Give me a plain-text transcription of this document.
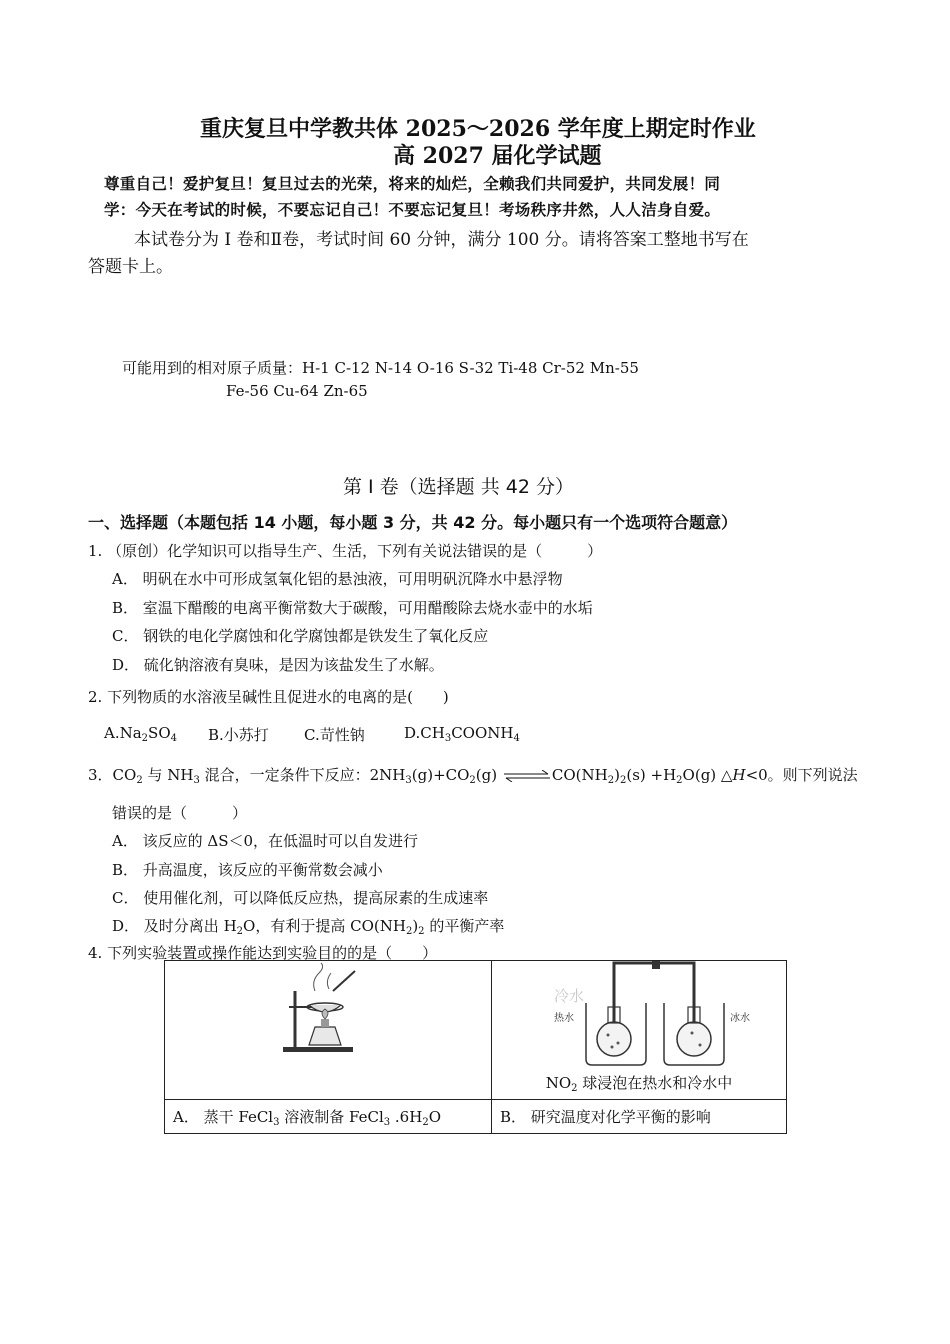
重庆复旦中学教共体 2025～2026 学年度上期定时作业
高 2027 届化学试题
尊重自己！爱护复旦！复旦过去的光荣，将来的灿烂，全赖我们共同爱护，共同发展！同
学：今天在考试的时候，不要忘记自己！不要忘记复旦！考场秩序井然，人人洁身自爱。
本试卷分为 Ⅰ 卷和Ⅱ卷，考试时间 60 分钟，满分 100 分。请将答案工整地书写在
答题卡上。
可能用到的相对原子质量：H-1 C-12 N-14 O-16 S-32 Ti-48 Cr-52 Mn-55
Fe-56 Cu-64 Zn-65
第 I 卷（选择题 共 42 分）
一、选择题（本题包括 14 小题，每小题 3 分，共 42 分。每小题只有一个选项符合题意）
1. （原创）化学知识可以指导生产、生活，下列有关说法错误的是（　　　）
A． 明矾在水中可形成氢氧化铝的悬浊液，可用明矾沉降水中悬浮物
B． 室温下醋酸的电离平衡常数大于碳酸，可用醋酸除去烧水壶中的水垢
C． 钢铁的电化学腐蚀和化学腐蚀都是铁发生了氧化反应
D． 硫化钠溶液有臭味，是因为该盐发生了水解。
2. 下列物质的水溶液呈碱性且促进水的电离的是(　　)
$A.Na_2SO_4$ B.小苏打 C.苛性钠	$D.CH_3COONH_4$
3．$CO_2$ 与 $NH_3$ 混合，一定条件下反应：$2NH_3(g)+CO_2(g)$ $\rightleftharpoons CO(NH_2)_2(s) +H_2O(g)$ △H<0。则下列说法
错误的是（　　　）
A． 该反应的 ΔS＜0，在低温时可以自发进行
B． 升高温度，该反应的平衡常数会减小
C． 使用催化剂，可以降低反应热，提高尿素的生成速率
D． 及时分离出 $H_2O$，有利于提高 $CO(NH_2)_2$ 的平衡产率
4. 下列实验装置或操作能达到实验目的的是（　　）

冷水
热水 冰水
$NO_2$ 球浸泡在热水和冷水中

A． 蒸干 FeCl$_3$ 溶液制备 FeCl$_3$ $.6H_2O$	B． 研究温度对化学平衡的影响
